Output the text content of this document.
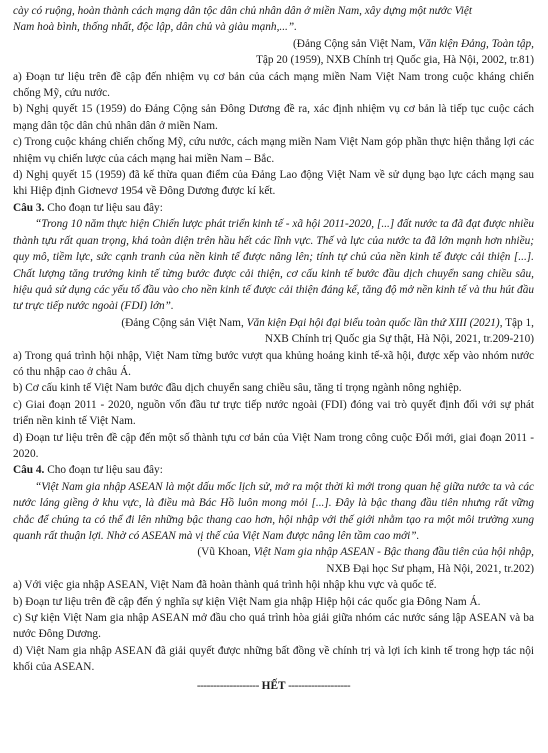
cày có ruộng, hoàn thành cách mạng dân tộc dân chủ nhân dân ở miền Nam, xây dựng một nước Việt

Nam hoà bình, thống nhất, độc lập, dân chủ và giàu mạnh,...”.

(Đảng Cộng sản Việt Nam, Văn kiện Đảng, Toàn tập,

Tập 20 (1959), NXB Chính trị Quốc gia, Hà Nội, 2002, tr.81)

a) Đoạn tư liệu trên đề cập đến nhiệm vụ cơ bản của cách mạng miền Nam Việt Nam trong cuộc kháng chiến chống Mỹ, cứu nước.

b) Nghị quyết 15 (1959) do Đảng Cộng sản Đông Dương đề ra, xác định nhiệm vụ cơ bản là tiếp tục cuộc cách mạng dân tộc dân chủ nhân dân ở miền Nam.

c) Trong cuộc kháng chiến chống Mỹ, cứu nước, cách mạng miền Nam Việt Nam góp phần thực hiện thắng lợi các nhiệm vụ chiến lược của cách mạng hai miền Nam – Bắc.

d) Nghị quyết 15 (1959) đã kế thừa quan điểm của Đảng Lao động Việt Nam về sử dụng bạo lực cách mạng sau khi Hiệp định Giơnevơ 1954 về Đông Dương được kí kết.

Câu 3. Cho đoạn tư liệu sau đây:

“Trong 10 năm thực hiện Chiến lược phát triển kinh tế - xã hội 2011-2020, [...] đất nước ta đã đạt được nhiều thành tựu rất quan trọng, khá toàn diện trên hầu hết các lĩnh vực. Thế và lực của nước ta đã lớn mạnh hơn nhiều; quy mô, tiềm lực, sức cạnh tranh của nền kinh tế được nâng lên; tính tự chủ của nền kinh tế được cải thiện [...]. Chất lượng tăng trưởng kinh tế từng bước được cải thiện, cơ cấu kinh tế bước đầu dịch chuyển sang chiều sâu, hiệu quả sử dụng các yếu tố đầu vào cho nền kinh tế được cải thiện đáng kể, tăng độ mở nền kinh tế và thu hút đầu tư trực tiếp nước ngoài (FDI) lớn”.

(Đảng Cộng sản Việt Nam, Văn kiện Đại hội đại biểu toàn quốc lần thứ XIII (2021), Tập 1,

NXB Chính trị Quốc gia Sự thật, Hà Nội, 2021, tr.209-210)

a) Trong quá trình hội nhập, Việt Nam từng bước vượt qua khủng hoảng kinh tế-xã hội, được xếp vào nhóm nước có thu nhập cao ở châu Á.

b) Cơ cấu kinh tế Việt Nam bước đầu dịch chuyển sang chiều sâu, tăng tỉ trọng ngành nông nghiệp.

c) Giai đoạn 2011 - 2020, nguồn vốn đầu tư trực tiếp nước ngoài (FDI) đóng vai trò quyết định đối với sự phát triển nền kinh tế Việt Nam.

d) Đoạn tư liệu trên đề cập đến một số thành tựu cơ bản của Việt Nam trong công cuộc Đổi mới, giai đoạn 2011 - 2020.

Câu 4. Cho đoạn tư liệu sau đây:

“Việt Nam gia nhập ASEAN là một dấu mốc lịch sử, mở ra một thời kì mới trong quan hệ giữa nước ta và các nước láng giềng ở khu vực, là điều mà Bác Hồ luôn mong mỏi [...]. Đây là bậc thang đầu tiên nhưng rất vững chắc để chúng ta có thể đi lên những bậc thang cao hơn, hội nhập với thế giới nhằm tạo ra một môi trường xung quanh rất thuận lợi. Nhờ có ASEAN mà vị thế của Việt Nam được nâng lên tầm cao mới”.

(Vũ Khoan, Việt Nam gia nhập ASEAN - Bậc thang đầu tiên của hội nhập,

NXB Đại học Sư phạm, Hà Nội, 2021, tr.202)

a) Với việc gia nhập ASEAN, Việt Nam đã hoàn thành quá trình hội nhập khu vực và quốc tế.

b) Đoạn tư liệu trên đề cập đến ý nghĩa sự kiện Việt Nam gia nhập Hiệp hội các quốc gia Đông Nam Á.

c) Sự kiện Việt Nam gia nhập ASEAN mở đầu cho quá trình hòa giải giữa nhóm các nước sáng lập ASEAN và ba nước Đông Dương.

d) Việt Nam gia nhập ASEAN đã giải quyết được những bất đồng về chính trị và lợi ích kinh tế trong hợp tác nội khối của ASEAN.

------------------- HẾT -------------------
